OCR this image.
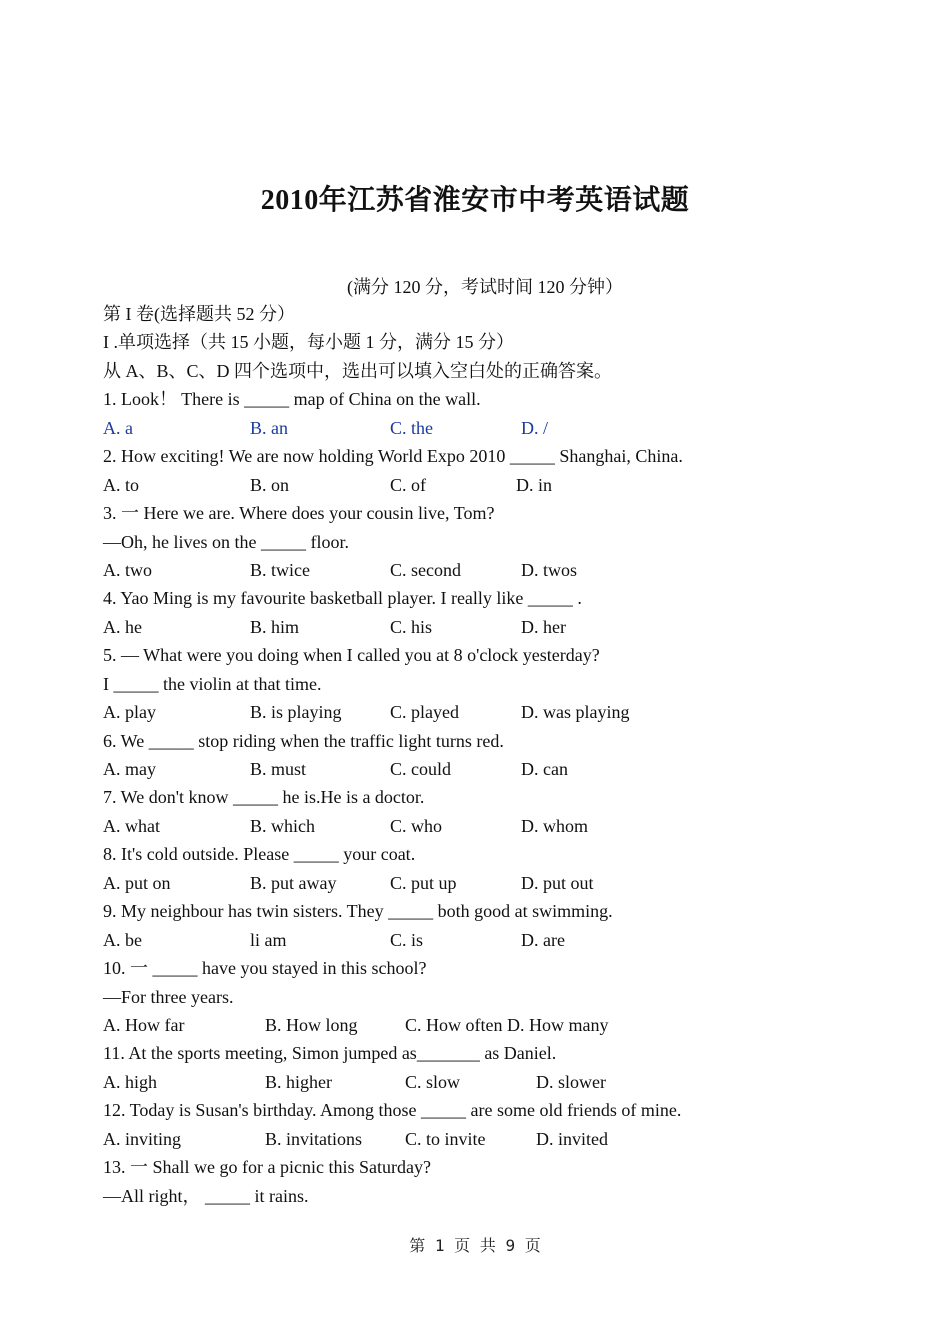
2010年江苏省淮安市中考英语试题
(满分 120 分，考试时间 120 分钟）
第 I 卷(选择题共 52 分）
I .单项选择（共 15 小题，每小题 1 分，满分 15 分）
从 A、B、C、D 四个选项中，选出可以填入空白处的正确答案。
1. Look！ There is _____ map of China on the wall.
A. a	B. an	C. the	D. /
2. How exciting! We are now holding World Expo 2010 _____ Shanghai, China.
A. to	B. on	C. of	D. in
3. 一 Here we are. Where does your cousin live, Tom?
—Oh, he lives on the _____ floor.
A. two	B. twice	C. second	D. twos
4. Yao Ming is my favourite basketball player. I really like _____ .
A. he	B. him	C. his	D. her
5. — What were you doing when I called you at 8 o'clock yesterday?
I _____ the violin at that time.
A. play	B. is playing	C. played	D. was playing
6. We _____ stop riding when the traffic light turns red.
A. may	B. must	C. could	D. can
7. We don't know _____ he is.He is a doctor.
A. what	B. which	C. who	D. whom
8. It's cold outside. Please _____ your coat.
A. put on	B. put away	C. put up	D. put out
9. My neighbour has twin sisters. They _____ both good at swimming.
A. be	li am	C. is	D. are
10. 一 _____ have you stayed in this school?
—For three years.
A. How far	B. How long	C. How often D. How many
11. At the sports meeting, Simon jumped as_______ as Daniel.
A. high	B. higher	C. slow	D. slower
12. Today is Susan's birthday. Among those _____ are some old friends of mine.
A. inviting	B. invitations C. to invite	D. invited
13. 一 Shall we go for a picnic this Saturday?
—All right， _____ it rains.
第 1 页 共 9 页
